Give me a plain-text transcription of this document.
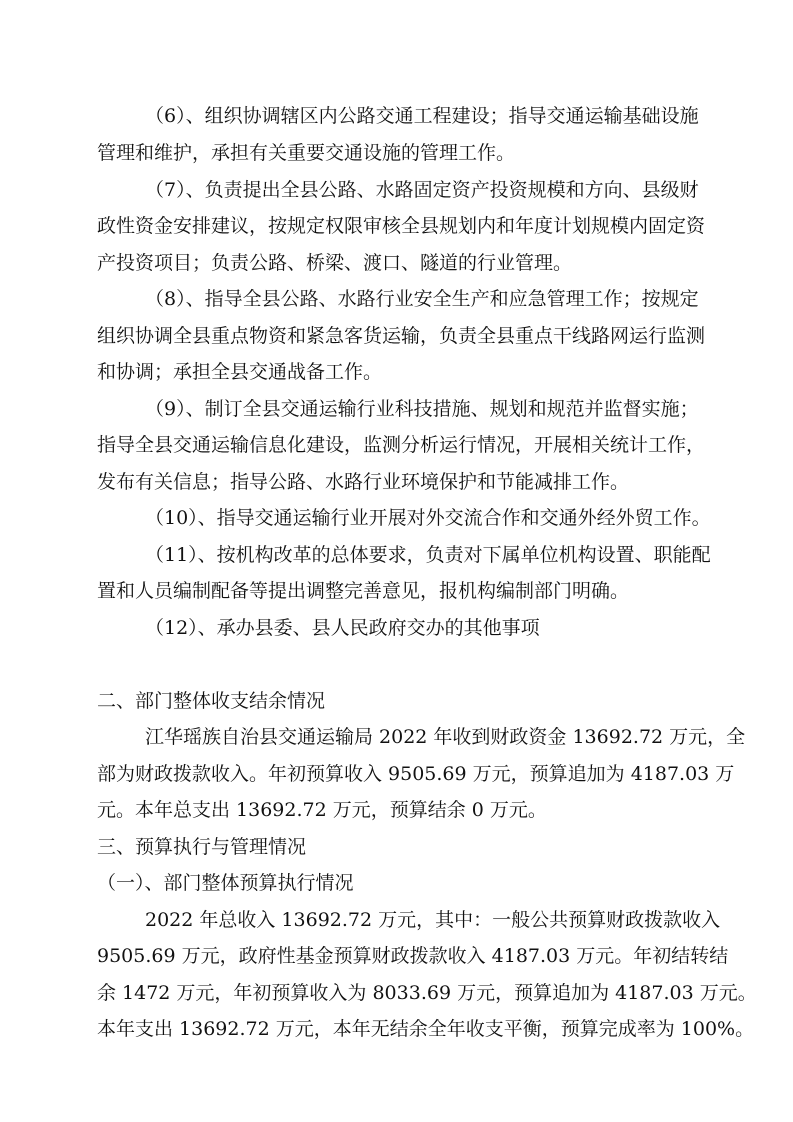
（6）、组织协调辖区内公路交通工程建设；指导交通运输基础设施
管理和维护，承担有关重要交通设施的管理工作。
（7）、负责提出全县公路、水路固定资产投资规模和方向、县级财
政性资金安排建议，按规定权限审核全县规划内和年度计划规模内固定资
产投资项目；负责公路、桥梁、渡口、隧道的行业管理。
（8）、指导全县公路、水路行业安全生产和应急管理工作；按规定
组织协调全县重点物资和紧急客货运输，负责全县重点干线路网运行监测
和协调；承担全县交通战备工作。
（9）、制订全县交通运输行业科技措施、规划和规范并监督实施；
指导全县交通运输信息化建设，监测分析运行情况，开展相关统计工作，
发布有关信息；指导公路、水路行业环境保护和节能减排工作。
（10）、指导交通运输行业开展对外交流合作和交通外经外贸工作。
（11）、按机构改革的总体要求，负责对下属单位机构设置、职能配
置和人员编制配备等提出调整完善意见，报机构编制部门明确。
（12）、承办县委、县人民政府交办的其他事项
二、部门整体收支结余情况
江华瑶族自治县交通运输局 2022 年收到财政资金 13692.72 万元，全
部为财政拨款收入。年初预算收入 9505.69 万元，预算追加为 4187.03 万
元。本年总支出 13692.72 万元，预算结余 0 万元。
三、预算执行与管理情况
（一）、部门整体预算执行情况
2022 年总收入 13692.72 万元，其中：一般公共预算财政拨款收入
9505.69 万元，政府性基金预算财政拨款收入 4187.03 万元。年初结转结
余 1472 万元，年初预算收入为 8033.69 万元，预算追加为 4187.03 万元。
本年支出 13692.72 万元，本年无结余全年收支平衡，预算完成率为 100%。
